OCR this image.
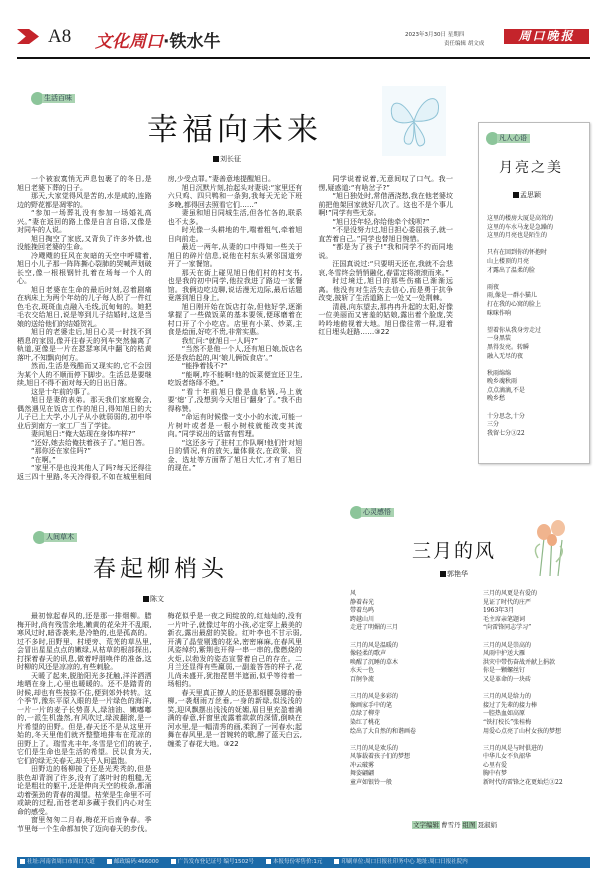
A8 文化周口·铁水牛	2023年3月30日 星期四
责任编辑 胡文成
周口晚报
生活百味
幸福向未来
刘长征

一个被寂寞悄无声息包裹了的冬日,是旭日老婆下葬的日子。

那天,大家觉得风是苦的,水是咸的,连路边的野花都是凋零的。

“参加一场葬礼没有参加一场婚礼高兴。”妻在返回的路上像是自言自语,又像是对同车的人说。

旭日掏空了家底,又背负了许多外债,也没能挽回老婆的生命。

冷飕飕的狂风在灰暗的天空中呼啸着,旭日小儿子那一阵阵撕心裂肺的哭喊声划破长空,像一根根钢针扎着在场每一个人的心。

旭日老婆在生命的最后时刻,忍着剧痛在病床上为两个年幼的儿子每人织了一件红色毛衣,斑斑血点融入毛线,沉甸甸的。她把毛衣交给旭日,说是等到儿子结婚时,这是当娘的送给他们的结婚贺礼。

旭日的老婆走后,旭日心灵一时找不到栖息的家园,像开往春天的列车突然偏离了轨道,更像是一片在瑟瑟寒风中翻飞的枯黄落叶,不知飘向何方。

然而,生活是残酷而又现实的,它不会因为某个人的不顺而停下脚步。生活总是要继续,旭日不得不面对每天的日出日落。

这是十年前的事了。

旭日是妻的表弟。那天我们家庭聚会,偶然遇见在饭店工作的旭日,得知旭日的大儿子已上大学,小儿子从小就弱弱的,初中毕业后到南方一家工厂当了学徒。

妻问旭日:“俺大姑现在身体咋样?”

“还好,她去给俺扶着孩子了。”旭日答。

“那你还在家住吗?”

“在啊。”

“家里不是也没其他人了吗?每天还得往返三四十里路,冬天冷得很,不如在城里租间房,少受点罪。”妻善意地提醒旭日。

旭日沉默片刻,抬起头对妻说:“家里还有六只鸡、四只鸭和一条狗,我每天无论下班多晚,都得回去照看它们……”

妻虽和旭日同城生活,但各忙各的,联系也不太多。

时光像一头耕地的牛,喘着粗气,牵着旭日向前走。

最近一两年,从妻的口中得知一些关于旭日的碎片信息,说他在村东头紧邻国道旁开了一家餐馆。

那天在街上碰见旭日他们村的村支书,也是我的初中同学,他拉我进了路边一家餐馆。我俩边吃边聊,说话漫无边际,最后话题竟落到旭日身上。

旭日刚开始在饭店打杂,但他好学,逐渐掌握了一些做饭菜的基本要领,便琢磨着在村口开了个小吃店。店里有小菜、炒菜,主食是烩面,好吃不贵,非常实惠。

我忙问:“就旭日一人吗?”

“当然不是他一个人,还有旭日娘,饭店名还是我给起的,叫‘娘儿俩饭食店’。”

“能挣着钱不?”

“能啊,咋不能啊!他的饭菜便宜还卫生,吃饭者络绎不绝。”

“看十年前旭日像是血粘锅,马上就要‘熄’了,没想到今天旭日‘翻身’了。”我不由得称赞。

“命运有时候像一支小小的水流,可能一片树叶或者是一根小树枝就能改变其流向。”同学说出的话富有哲理。

“这还多亏了驻村工作队啊!他们针对旭日的情况,有的放矢,量体裁衣,在政策、资金、选址等方面帮了旭日大忙,才有了旭日的现在。”

同学说着说着,无意间叹了口气。我一愣,疑惑道:“有啥岔子?”

“旭日独处时,常借酒浇愁,我在他老婆坟前把他架回家就好几次了。这也不是个事儿啊!”同学有些无奈。

“旭日还年轻,你给他牵个线呗?”

“不是没努力过,旭日担心委屈孩子,就一直苦着自己。”同学也替旭日惋惜。

“都是为了孩子!”我和同学不约而同地说。

汪国真说过:“只要明天还在,我就不会悲哀,冬雪终会悄悄融化,春雷定将滚滚而来。”

时过境迁,旭日的那些伤痛已渐渐远离。他没有对生活失去信心,而是勇于抗争改变,披斩了生活道路上一处又一处荆棘。

清晨,向东望去,那冉冉升起的太阳,好像一位美丽而又害羞的姑娘,露出着个脸庞,笑吟吟地俯视着大地。旭日像往常一样,迎着红日埋头赶路……③22

凡人心语
月亮之美
孟思颖
这里的楼房大厦是高耸的
这里的车水马龙是急躁的
这里的月亮也是陌生的
只有在回到你的怀抱时
山上楼顶的月亮
才露出了温柔的脸
雨夜
雨,像是一群小猫儿
打在我的心窝的脸上
咪咪作响
望着你从我身旁走过
一身黑装
黑得发亮。转瞬
融入无尽的夜
秋雨绵绵
晚乡魂秋雨
点点滴滴,不是
晚乡愁
十分思念,十分
三分
我留七分③22
心灵感悟
人间草木
春起柳梢头
陈文

最初惊起春风的,还是那一排烟柳。腊梅开时,尚有残雪余地,嫩黄的花朵并不乱眼,寒风过时,暗香袭来,是冷艳的,也是孤高的。过不多时,田野里、村埂旁、荒芜的草丛里,会冒出星星点点的嫩绿,从枯草的根部探出,打探着春天的讯息,做着呼朋唤伴的准备,这时柳的风还是凉凉的,有些刺脸。

天暖了起来,脱胎阳光多抚触,洋洋洒洒地晒在身上,心里也暖暖的。还不是踏青的时候,却也有些按捺不住,便到郊外转转。这个季节,豫东平原入眼的是一片绿色的海洋,一片一片的麦子长势喜人,绿油油、嫩嘟嘟的,一派生机盎然,有风吹过,绿波翻滚,是一片希望的田野。但是,春天还不是从这里开始的,冬天里他们就齐整整地排布在荒凉的田野上了。瑞雪兆丰年,冬雪是它们的被子,它们是生命也是生活的希望。民以食为天,它们的绿无关春天,却关乎人间温饱。

田野边的杨柳披了还是光秃秃的,但是肤色却青润了许多,没有了落叶时的粗糙,无论是粗壮的躯干,还是伸向天空的枝条,都涌动着强劲的青春的渴望。枯荣是生命里不可或缺的过程,而苍老却多藏于我们内心对生命的感受。

窗里匆匆二月春,梅花开后南争春。季节里每一个生命都加快了迈向春天的步伐。梅花似乎是一夜之间绽放的,红灿灿的,没有一片叶子,就像过年的小孩,必定穿上最美的新衣,露出最甜的笑脸。红叶李也不甘示弱,开满了晶莹剔透的花朵,密密麻麻,在春风里风姿绰约,紫荆也开得一串一串的,像燃烧的火炬,以勃发的姿态宣誓着自己的存在。二月兰还显得有些羸弱,一副羞答答的样子,花儿尚未盛开,犹抱琵琶半遮面,似乎等待着一场相约。

春天里真正撩人的还是那细腰袅娜的垂柳,一袭烟雨万丝垂,一身的新绿,似浅浅的笑,迎风飘摆出浅浅的妩媚,眉目里充盈着满满的春意,轩窗里流露着款款的深情,倒映在河水里,是一幅清秀的画,柔润了一河春水;起舞在春风里,是一首婉转的歌,醉了蓝天白云,缠柔了春花大地。③22

三月的风
郭艳华
风
静着春光
带着鸟鸣
跨越山川
走进了明媚的三月
三月的风是温暖的
像轻柔的歌声
唤醒了沉睡的草木
水天一色
百舸争流
三月的风是多彩的
像画家手中的笔
点绿了柳芽
染红了桃花
绘出了大自然的和谐画卷
三月的风是欢乐的
风筝载着孩子们的梦想
冲云破雾
舞姿翩翩
童声如银铃一般
三月的风更是有爱的
见证了时代的庄严
1963年3月
毛主席亲笔题词
“向雷锋同志学习”
三月的风是崇高的
风雨中护送大雁
洪灾中带伤奋战并献上捐款
你是一颗螺丝钉
又是革命的一块砖
三月的风是给力的
接过了先辈的接力棒
一腔热血如高原
“铁打校长”张桂梅
用爱心点亮了山村女孩的梦想
三月的风是与时俱进的
中华儿女不负韶华
心里有爱
胸中有梦
新时代的雷锋之花更灿烂③22
文字编辑 曹雪丹 组图 聂淑娟
社址:河南省周口市周口大道	邮政编码:466000	广告发布登记证号 编号1502号	本报每份零售价:1元	印刷单位:周口日报社印务中心 地址:周口日报社院内
